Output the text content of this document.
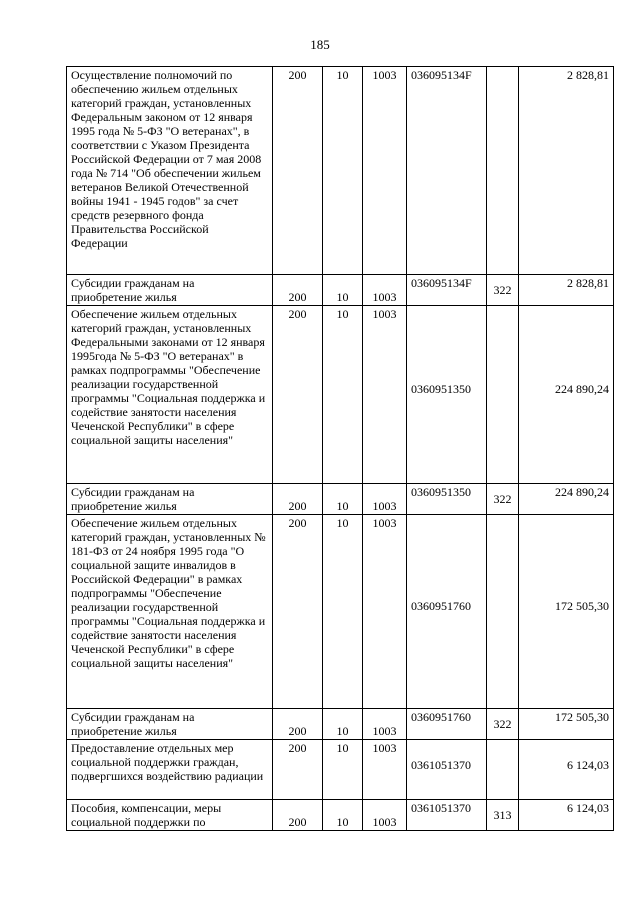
185
Осуществление полномочий по обеспечению жильем отдельных категорий граждан, установленных Федеральным законом от 12 января 1995 года № 5-ФЗ "О ветеранах", в соответствии с Указом Президента Российской Федерации от 7 мая 2008 года № 714 "Об обеспечении жильем ветеранов Великой Отечественной войны 1941 - 1945 годов" за счет средств резервного фонда Правительства Российской Федерации	200	10	1003	036095134F		2 828,81
Субсидии гражданам на приобретение жилья	200	10	1003	036095134F	322	2 828,81
Обеспечение жильем отдельных категорий граждан, установленных Федеральными законами от 12 января 1995года № 5-ФЗ "О ветеранах" в рамках подпрограммы "Обеспечение реализации государственной программы "Социальная поддержка и содействие занятости населения Чеченской Республики" в сфере социальной защиты населения"	200	10	1003	0360951350		224 890,24
Субсидии гражданам на приобретение жилья	200	10	1003	0360951350	322	224 890,24
Обеспечение жильем отдельных категорий граждан, установленных № 181-ФЗ от 24 ноября 1995 года "О социальной защите инвалидов в Российской Федерации" в рамках подпрограммы "Обеспечение реализации государственной программы "Социальная поддержка и содействие занятости населения Чеченской Республики" в сфере социальной защиты населения"	200	10	1003	0360951760		172 505,30
Субсидии гражданам на приобретение жилья	200	10	1003	0360951760	322	172 505,30
Предоставление отдельных мер социальной поддержки граждан, подвергшихся воздействию радиации	200	10	1003	0361051370		6 124,03
Пособия, компенсации, меры социальной поддержки по	200	10	1003	0361051370	313	6 124,03
